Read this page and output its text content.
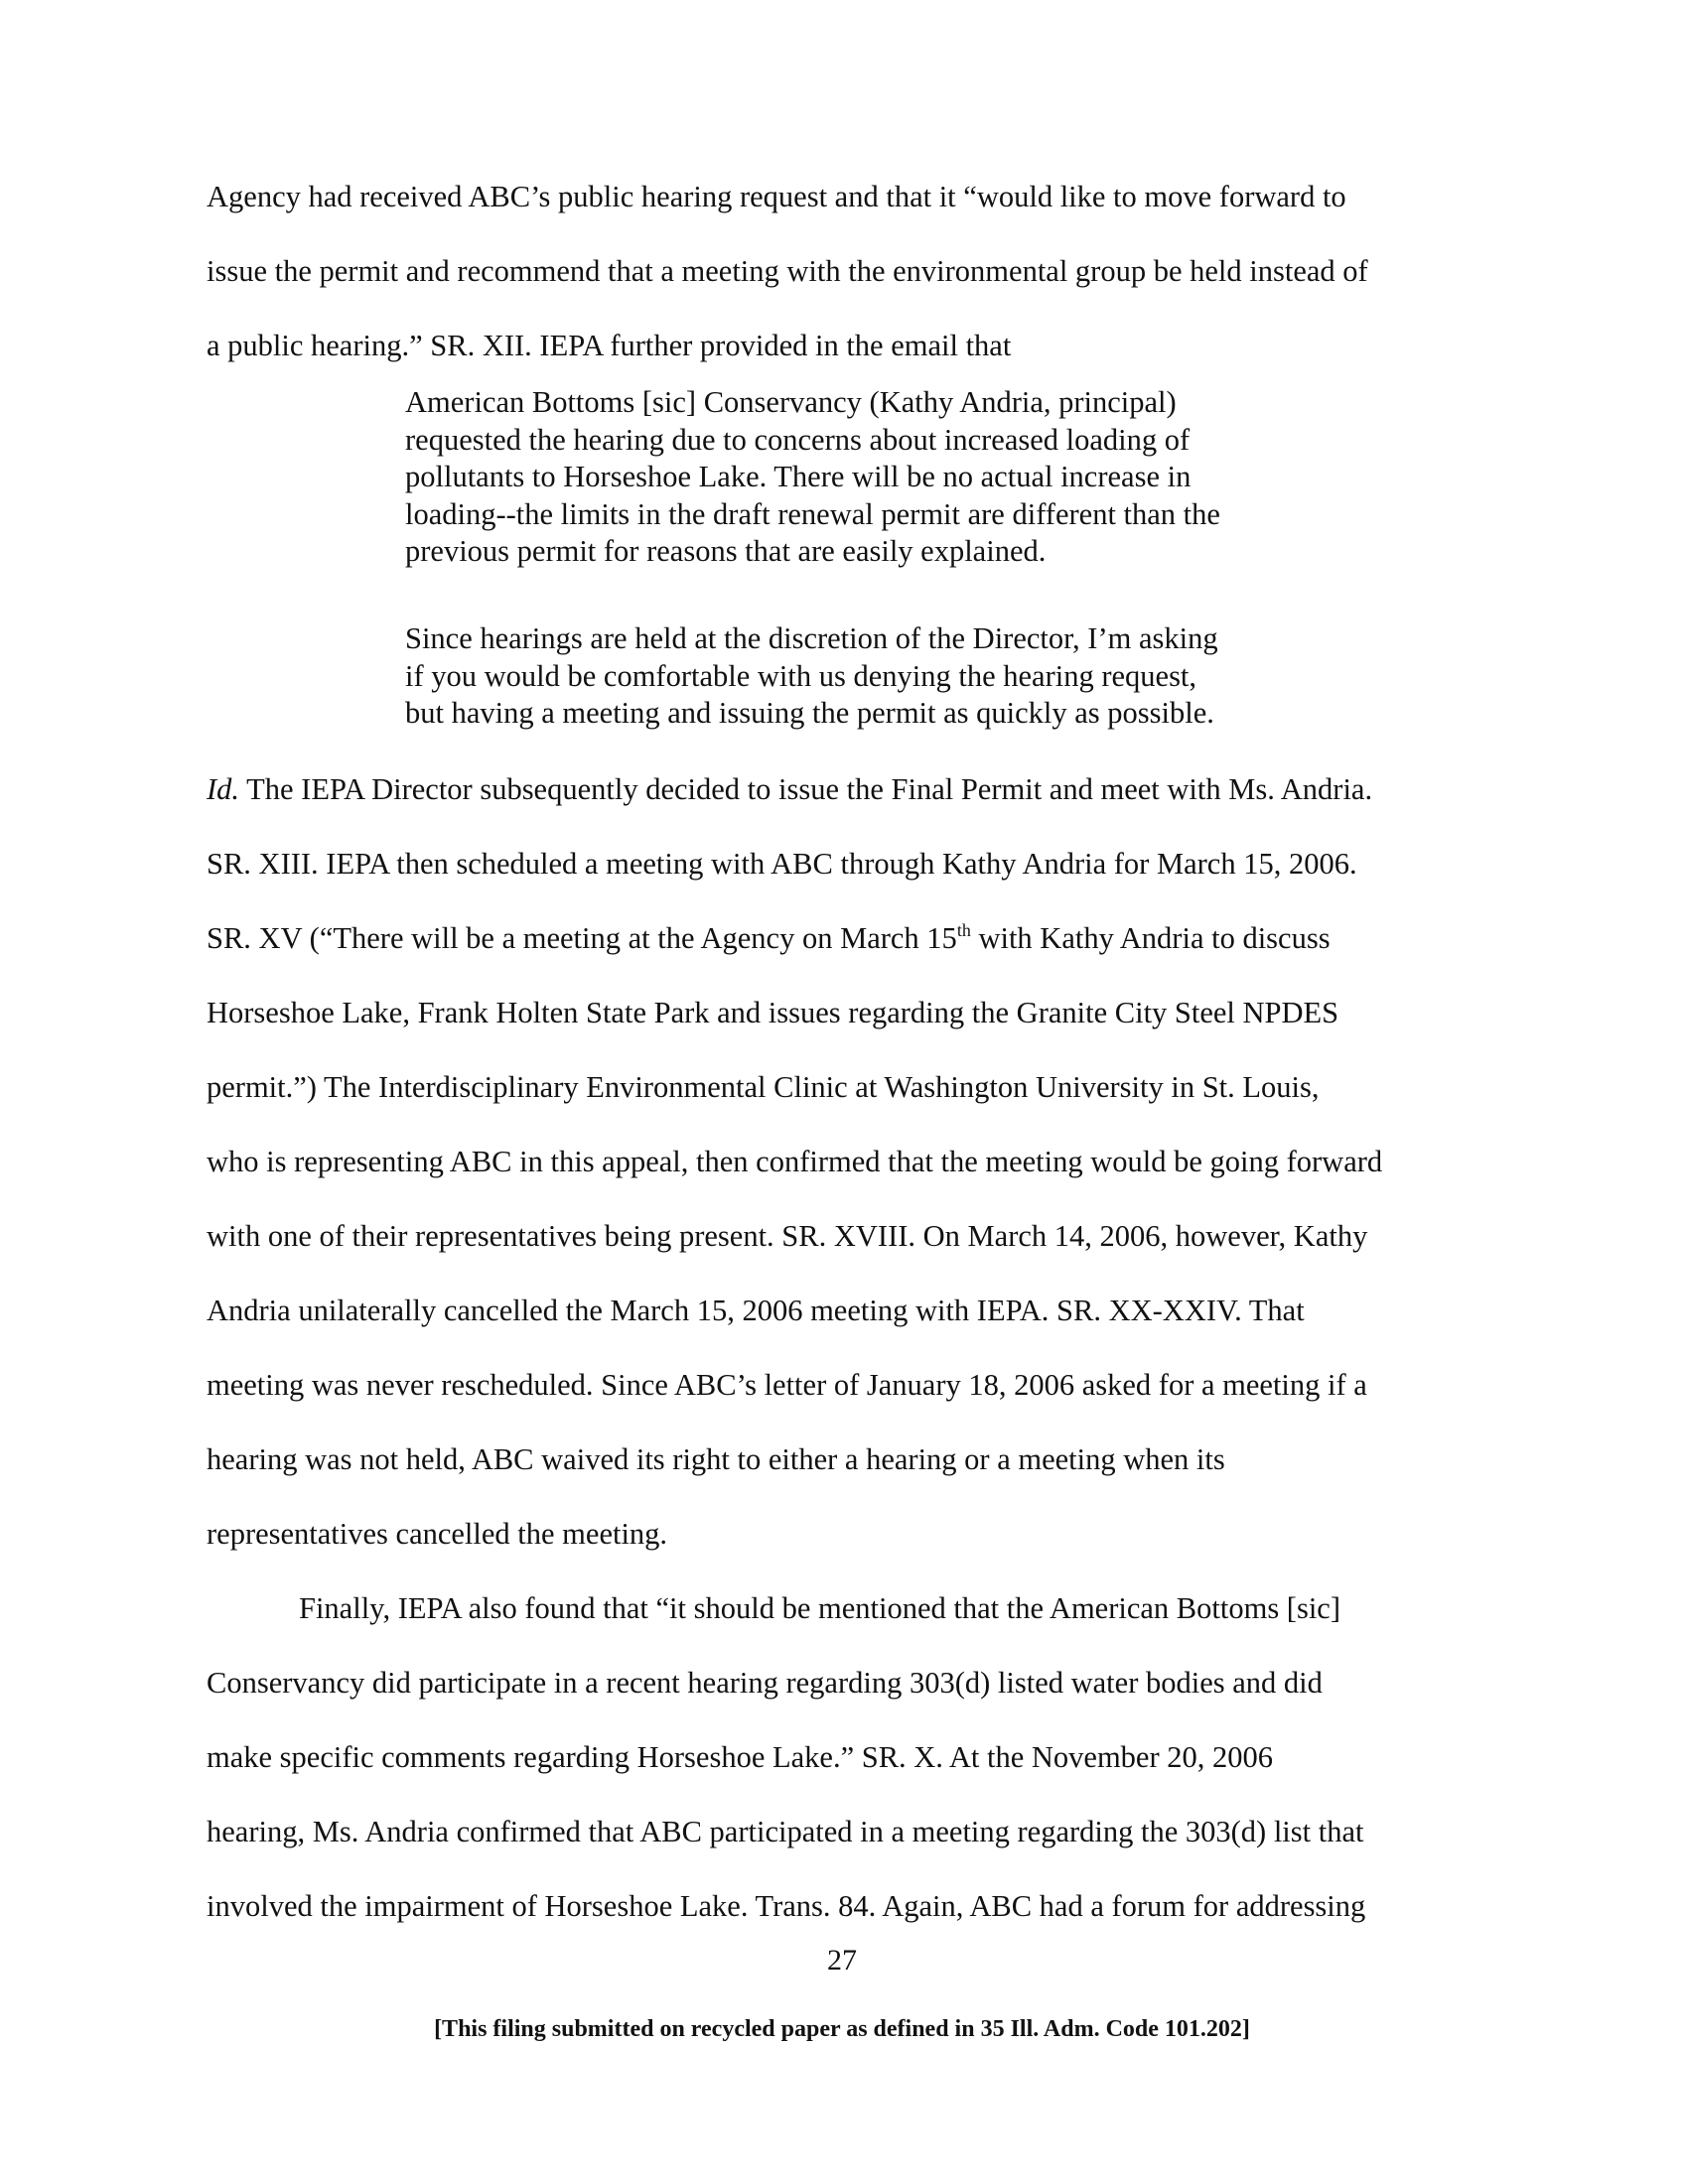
Agency had received ABC’s public hearing request and that it “would like to move forward to
issue the permit and recommend that a meeting with the environmental group be held instead of
a public hearing.” SR. XII. IEPA further provided in the email that

American Bottoms [sic] Conservancy (Kathy Andria, principal)
requested the hearing due to concerns about increased loading of
pollutants to Horseshoe Lake. There will be no actual increase in
loading--the limits in the draft renewal permit are different than the
previous permit for reasons that are easily explained.

Since hearings are held at the discretion of the Director, I’m asking
if you would be comfortable with us denying the hearing request,
but having a meeting and issuing the permit as quickly as possible.

Id. The IEPA Director subsequently decided to issue the Final Permit and meet with Ms. Andria.
SR. XIII. IEPA then scheduled a meeting with ABC through Kathy Andria for March 15, 2006.
SR. XV (“There will be a meeting at the Agency on March 15th with Kathy Andria to discuss
Horseshoe Lake, Frank Holten State Park and issues regarding the Granite City Steel NPDES
permit.”) The Interdisciplinary Environmental Clinic at Washington University in St. Louis,
who is representing ABC in this appeal, then confirmed that the meeting would be going forward
with one of their representatives being present. SR. XVIII. On March 14, 2006, however, Kathy
Andria unilaterally cancelled the March 15, 2006 meeting with IEPA. SR. XX-XXIV. That
meeting was never rescheduled. Since ABC’s letter of January 18, 2006 asked for a meeting if a
hearing was not held, ABC waived its right to either a hearing or a meeting when its
representatives cancelled the meeting.
Finally, IEPA also found that “it should be mentioned that the American Bottoms [sic]
Conservancy did participate in a recent hearing regarding 303(d) listed water bodies and did
make specific comments regarding Horseshoe Lake.” SR. X. At the November 20, 2006
hearing, Ms. Andria confirmed that ABC participated in a meeting regarding the 303(d) list that
involved the impairment of Horseshoe Lake. Trans. 84. Again, ABC had a forum for addressing
27
[This filing submitted on recycled paper as defined in 35 Ill. Adm. Code 101.202]
